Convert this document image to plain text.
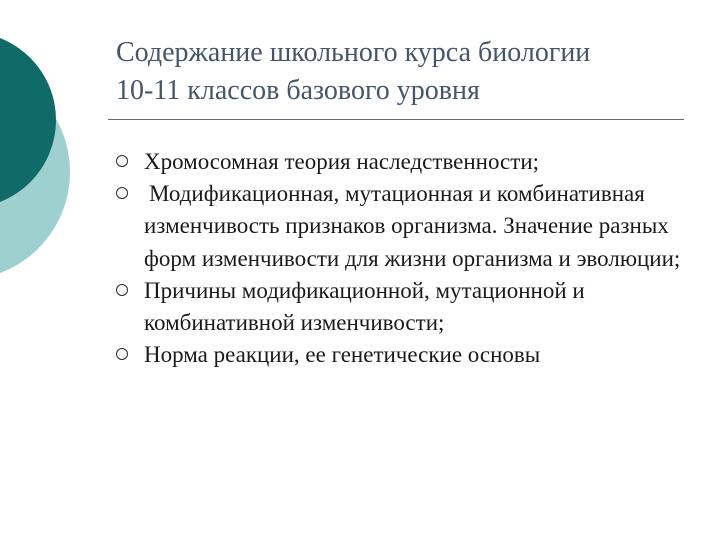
Содержание школьного курса биологии
10-11 классов базового уровня
Хромосомная теория наследственности;
Модификационная, мутационная и комбинативная изменчивость признаков организма. Значение разных форм изменчивости для жизни организма и эволюции;
Причины модификационной, мутационной и комбинативной изменчивости;
Норма реакции, ее генетические основы
